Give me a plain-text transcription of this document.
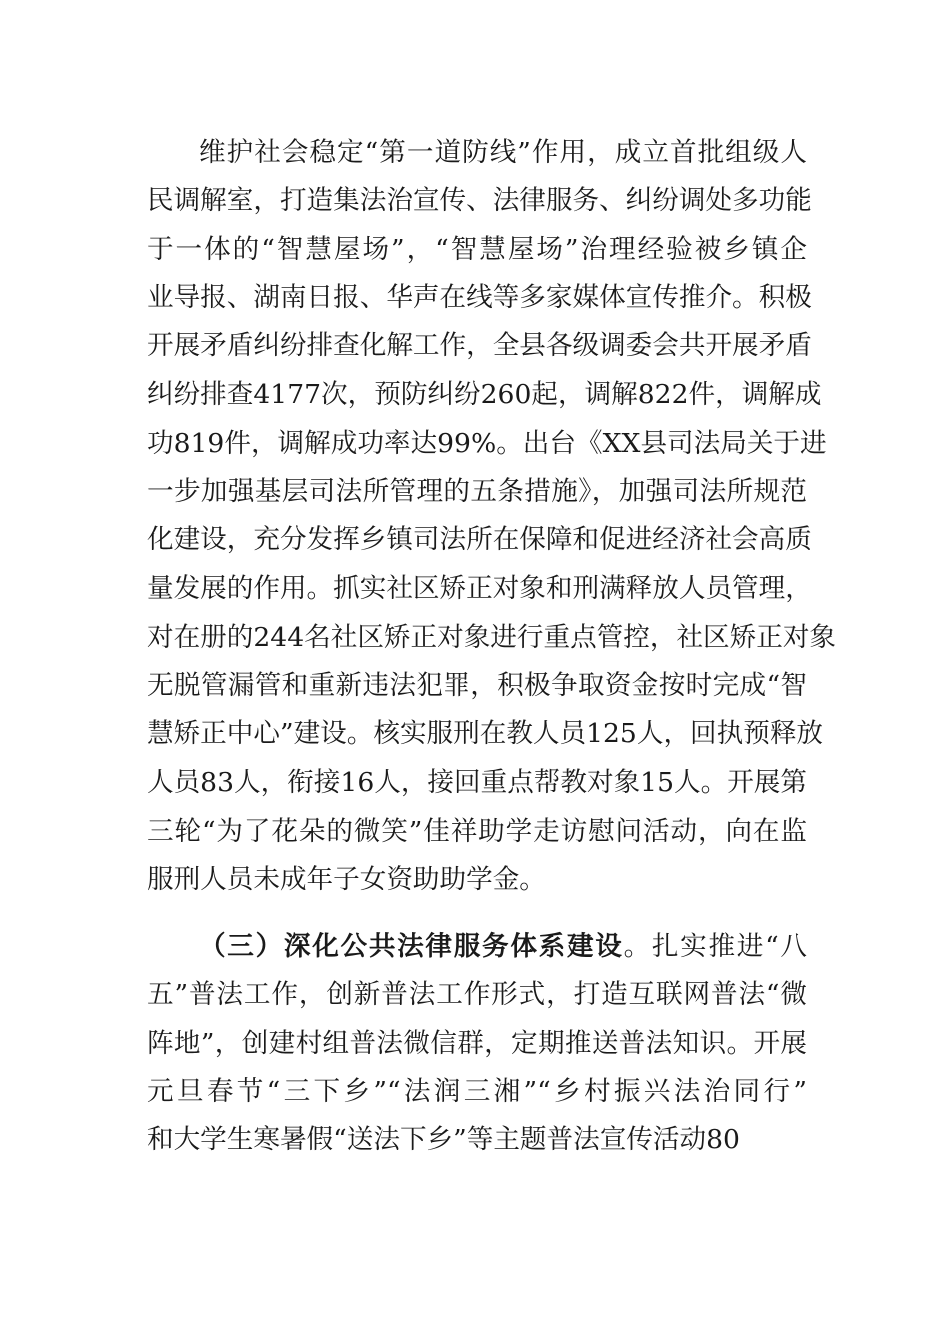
维护社会稳定“第一道防线”作用，成立首批组级人
民调解室，打造集法治宣传、法律服务、纠纷调处多功能
于一体的“智慧屋场”，“智慧屋场”治理经验被乡镇企
业导报、湖南日报、华声在线等多家媒体宣传推介。积极
开展矛盾纠纷排查化解工作，全县各级调委会共开展矛盾
纠纷排查4177次，预防纠纷260起，调解822件，调解成
功819件，调解成功率达99%。出台《XX县司法局关于进
一步加强基层司法所管理的五条措施》，加强司法所规范
化建设，充分发挥乡镇司法所在保障和促进经济社会高质
量发展的作用。抓实社区矫正对象和刑满释放人员管理，
对在册的244名社区矫正对象进行重点管控，社区矫正对象
无脱管漏管和重新违法犯罪，积极争取资金按时完成“智
慧矫正中心”建设。核实服刑在教人员125人，回执预释放
人员83人，衔接16人，接回重点帮教对象15人。开展第
三轮“为了花朵的微笑”佳祥助学走访慰问活动，向在监
服刑人员未成年子女资助助学金。
（三）深化公共法律服务体系建设。扎实推进“八
五”普法工作，创新普法工作形式，打造互联网普法“微
阵地”，创建村组普法微信群，定期推送普法知识。开展
元旦春节“三下乡”“法润三湘”“乡村振兴法治同行”
和大学生寒暑假“送法下乡”等主题普法宣传活动80
